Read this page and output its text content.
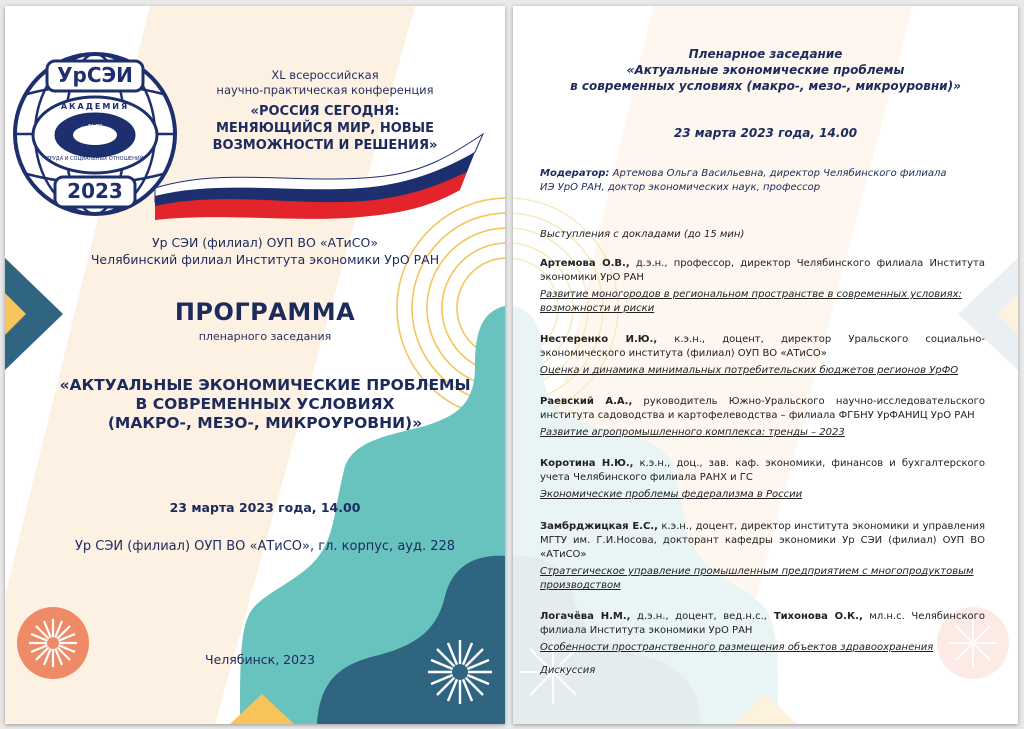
УрСЭИ
АКАДЕМИЯ
ФНПР
ТРУДА И СОЦИАЛЬНЫХ ОТНОШЕНИЙ
2023
XL всероссийская
научно-практическая конференция
«РОССИЯ СЕГОДНЯ:
МЕНЯЮЩИЙСЯ МИР, НОВЫЕ
ВОЗМОЖНОСТИ И РЕШЕНИЯ»
Ур СЭИ (филиал) ОУП ВО «АТиСО»
Челябинский филиал Института экономики УрО РАН
ПРОГРАММА
пленарного заседания
«АКТУАЛЬНЫЕ ЭКОНОМИЧЕСКИЕ ПРОБЛЕМЫ
В СОВРЕМЕННЫХ УСЛОВИЯХ
(МАКРО-, МЕЗО-, МИКРОУРОВНИ)»
23 марта 2023 года, 14.00
Ур СЭИ (филиал) ОУП ВО «АТиСО», гл. корпус, ауд. 228
Челябинск, 2023
Пленарное заседание
«Актуальные экономические проблемы
в современных условиях (макро-, мезо-, микроуровни)»
23 марта 2023 года, 14.00
Модератор: Артемова Ольга Васильевна, директор Челябинского филиала
ИЭ УрО РАН, доктор экономических наук, профессор
Выступления с докладами (до 15 мин)
Артемова О.В., д.э.н., профессор, директор Челябинского филиала Института экономики УрО РАН
Развитие моногородов в региональном пространстве в современных условиях: возможности и риски
Нестеренко И.Ю., к.э.н., доцент, директор Уральского социально-экономического института (филиал) ОУП ВО «АТиСО»
Оценка и динамика минимальных потребительских бюджетов регионов УрФО
Раевский А.А., руководитель Южно-Уральского научно-исследовательского института садоводства и картофелеводства – филиала ФГБНУ УрФАНИЦ УрО РАН
Развитие агропромышленного комплекса: тренды – 2023
Коротина Н.Ю., к.э.н., доц., зав. каф. экономики, финансов и бухгалтерского учета Челябинского филиала РАНХ и ГС
Экономические проблемы федерализма в России
Замбрджицкая Е.С., к.э.н., доцент, директор института экономики и управления МГТУ им. Г.И.Носова, докторант кафедры экономики Ур СЭИ (филиал) ОУП ВО «АТиСО»
Стратегическое управление промышленным предприятием с многопродуктовым производством
Логачёва Н.М., д.э.н., доцент, вед.н.с., Тихонова О.К., мл.н.с. Челябинского филиала Института экономики УрО РАН
Особенности пространственного размещения объектов здравоохранения
Дискуссия
